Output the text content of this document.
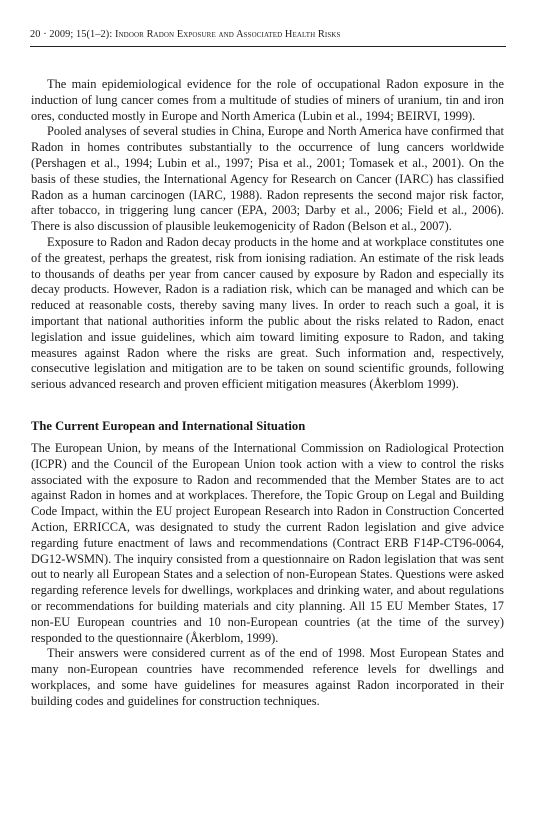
20 · 2009; 15(1–2): Indoor Radon Exposure and Associated Health Risks

The main epidemiological evidence for the role of occupational Radon exposure in the induction of lung cancer comes from a multitude of studies of miners of uranium, tin and iron ores, conducted mostly in Europe and North America (Lubin et al., 1994; BEIRVI, 1999).

Pooled analyses of several studies in China, Europe and North America have confirmed that Radon in homes contributes substantially to the occurrence of lung cancers worldwide (Pershagen et al., 1994; Lubin et al., 1997; Pisa et al., 2001; Tomasek et al., 2001). On the basis of these studies, the International Agency for Research on Cancer (IARC) has classified Radon as a human carcinogen (IARC, 1988). Radon represents the second major risk factor, after tobacco, in triggering lung cancer (EPA, 2003; Darby et al., 2006; Field et al., 2006). There is also discussion of plausible leukemogenicity of Radon (Belson et al., 2007).

Exposure to Radon and Radon decay products in the home and at workplace constitutes one of the greatest, perhaps the greatest, risk from ionising radiation. An estimate of the risk leads to thousands of deaths per year from cancer caused by exposure by Radon and especially its decay products. However, Radon is a radiation risk, which can be managed and which can be reduced at reasonable costs, thereby saving many lives. In order to reach such a goal, it is important that national authorities inform the public about the risks related to Radon, enact legislation and issue guidelines, which aim toward limiting exposure to Radon, and taking measures against Radon where the risks are great. Such information and, respectively, consecutive legislation and mitigation are to be taken on sound scientific grounds, following serious advanced research and proven efficient mitigation measures (Åkerblom 1999).

The Current European and International Situation

The European Union, by means of the International Commission on Radiological Protection (ICPR) and the Council of the European Union took action with a view to control the risks associated with the exposure to Radon and recommended that the Member States are to act against Radon in homes and at workplaces. Therefore, the Topic Group on Legal and Building Code Impact, within the EU project European Research into Radon in Construction Concerted Action, ERRICCA, was designated to study the current Radon legislation and give advice regarding future enactment of laws and recommendations (Contract ERB F14P-CT96-0064, DG12-WSMN). The inquiry consisted from a questionnaire on Radon legislation that was sent out to nearly all European States and a selection of non-European States. Questions were asked regarding reference levels for dwellings, workplaces and drinking water, and about regulations or recommendations for building materials and city planning. All 15 EU Member States, 17 non-EU European countries and 10 non-European countries (at the time of the survey) responded to the questionnaire (Åkerblom, 1999).

Their answers were considered current as of the end of 1998. Most European States and many non-European countries have recommended reference levels for dwellings and workplaces, and some have guidelines for measures against Radon incorporated in their building codes and guidelines for construction techniques.
